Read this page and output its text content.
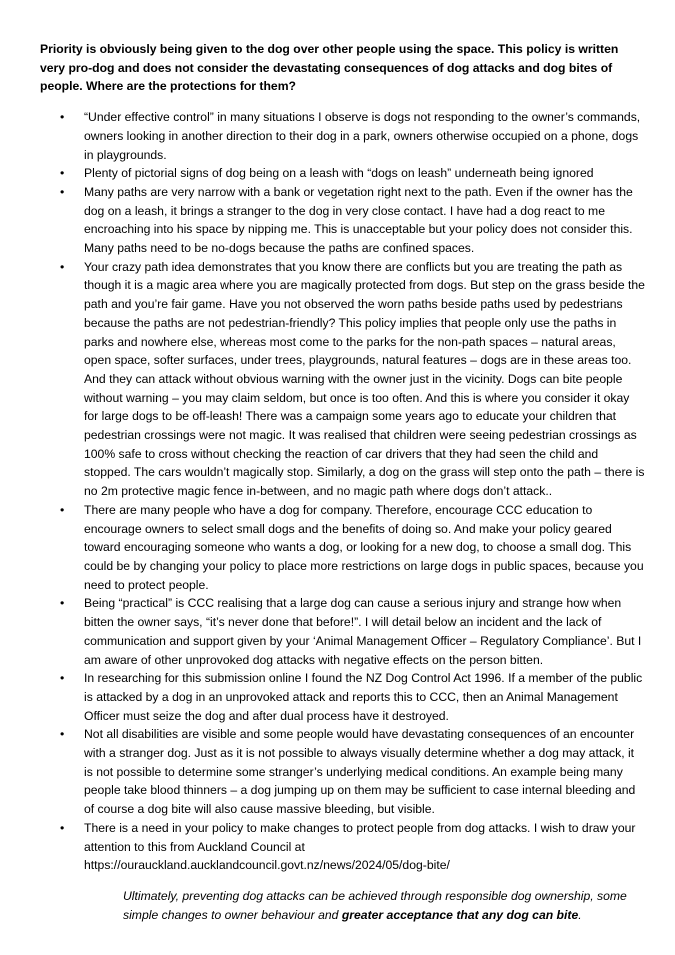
Priority is obviously being given to the dog over other people using the space. This policy is written very pro-dog and does not consider the devastating consequences of dog attacks and dog bites of people. Where are the protections for them?

• “Under effective control” in many situations I observe is dogs not responding to the owner’s commands, owners looking in another direction to their dog in a park, owners otherwise occupied on a phone, dogs in playgrounds.
• Plenty of pictorial signs of dog being on a leash with “dogs on leash” underneath being ignored
• Many paths are very narrow with a bank or vegetation right next to the path. Even if the owner has the dog on a leash, it brings a stranger to the dog in very close contact. I have had a dog react to me encroaching into his space by nipping me. This is unacceptable but your policy does not consider this. Many paths need to be no-dogs because the paths are confined spaces.
• Your crazy path idea demonstrates that you know there are conflicts but you are treating the path as though it is a magic area where you are magically protected from dogs. But step on the grass beside the path and you’re fair game. Have you not observed the worn paths beside paths used by pedestrians because the paths are not pedestrian-friendly? This policy implies that people only use the paths in parks and nowhere else, whereas most come to the parks for the non-path spaces – natural areas, open space, softer surfaces, under trees, playgrounds, natural features – dogs are in these areas too. And they can attack without obvious warning with the owner just in the vicinity. Dogs can bite people without warning – you may claim seldom, but once is too often. And this is where you consider it okay for large dogs to be off-leash! There was a campaign some years ago to educate your children that pedestrian crossings were not magic. It was realised that children were seeing pedestrian crossings as 100% safe to cross without checking the reaction of car drivers that they had seen the child and stopped. The cars wouldn’t magically stop. Similarly, a dog on the grass will step onto the path – there is no 2m protective magic fence in-between, and no magic path where dogs don’t attack..
• There are many people who have a dog for company. Therefore, encourage CCC education to encourage owners to select small dogs and the benefits of doing so. And make your policy geared toward encouraging someone who wants a dog, or looking for a new dog, to choose a small dog. This could be by changing your policy to place more restrictions on large dogs in public spaces, because you need to protect people.
• Being “practical” is CCC realising that a large dog can cause a serious injury and strange how when bitten the owner says, “it’s never done that before!”. I will detail below an incident and the lack of communication and support given by your ‘Animal Management Officer – Regulatory Compliance’. But I am aware of other unprovoked dog attacks with negative effects on the person bitten.
• In researching for this submission online I found the NZ Dog Control Act 1996. If a member of the public is attacked by a dog in an unprovoked attack and reports this to CCC, then an Animal Management Officer must seize the dog and after dual process have it destroyed.
• Not all disabilities are visible and some people would have devastating consequences of an encounter with a stranger dog. Just as it is not possible to always visually determine whether a dog may attack, it is not possible to determine some stranger’s underlying medical conditions. An example being many people take blood thinners – a dog jumping up on them may be sufficient to case internal bleeding and of course a dog bite will also cause massive bleeding, but visible.
• There is a need in your policy to make changes to protect people from dog attacks. I wish to draw your attention to this from Auckland Council at https://ourauckland.aucklandcouncil.govt.nz/news/2024/05/dog-bite/

Ultimately, preventing dog attacks can be achieved through responsible dog ownership, some simple changes to owner behaviour and greater acceptance that any dog can bite.
